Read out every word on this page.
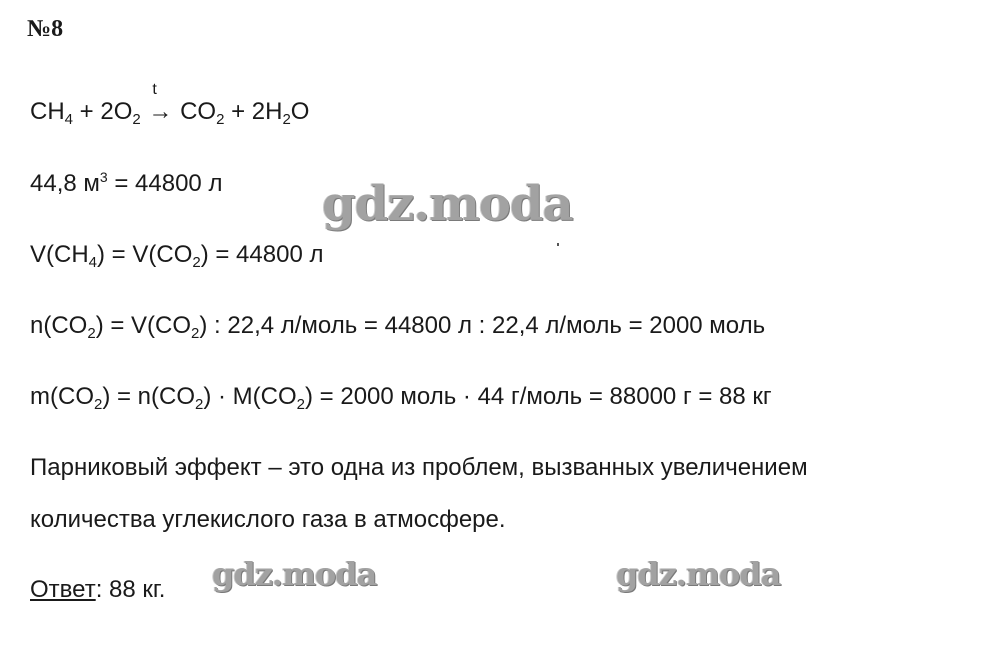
№8
$CH_4 + 2O_2$
t
→ $CO_2 + 2H_2O$
44,8 $м^3 = 44800$ л
$V(CH_4) = V(CO_2) = 44800$ л
$n(CO_2) = V(CO_2)$ : 22,4 л/моль = 44800 л : 22,4 л/моль = 2000 моль
$m(CO_2) = n(CO_2) \cdot M(CO_2) = 2000$ моль · 44 г/моль = 88000 г = 88 кг
Парниковый эффект – это одна из проблем, вызванных увеличением
количества углекислого газа в атмосфере.
Ответ: 88 кг.
gdz.moda
gdz.moda	gdz.moda
